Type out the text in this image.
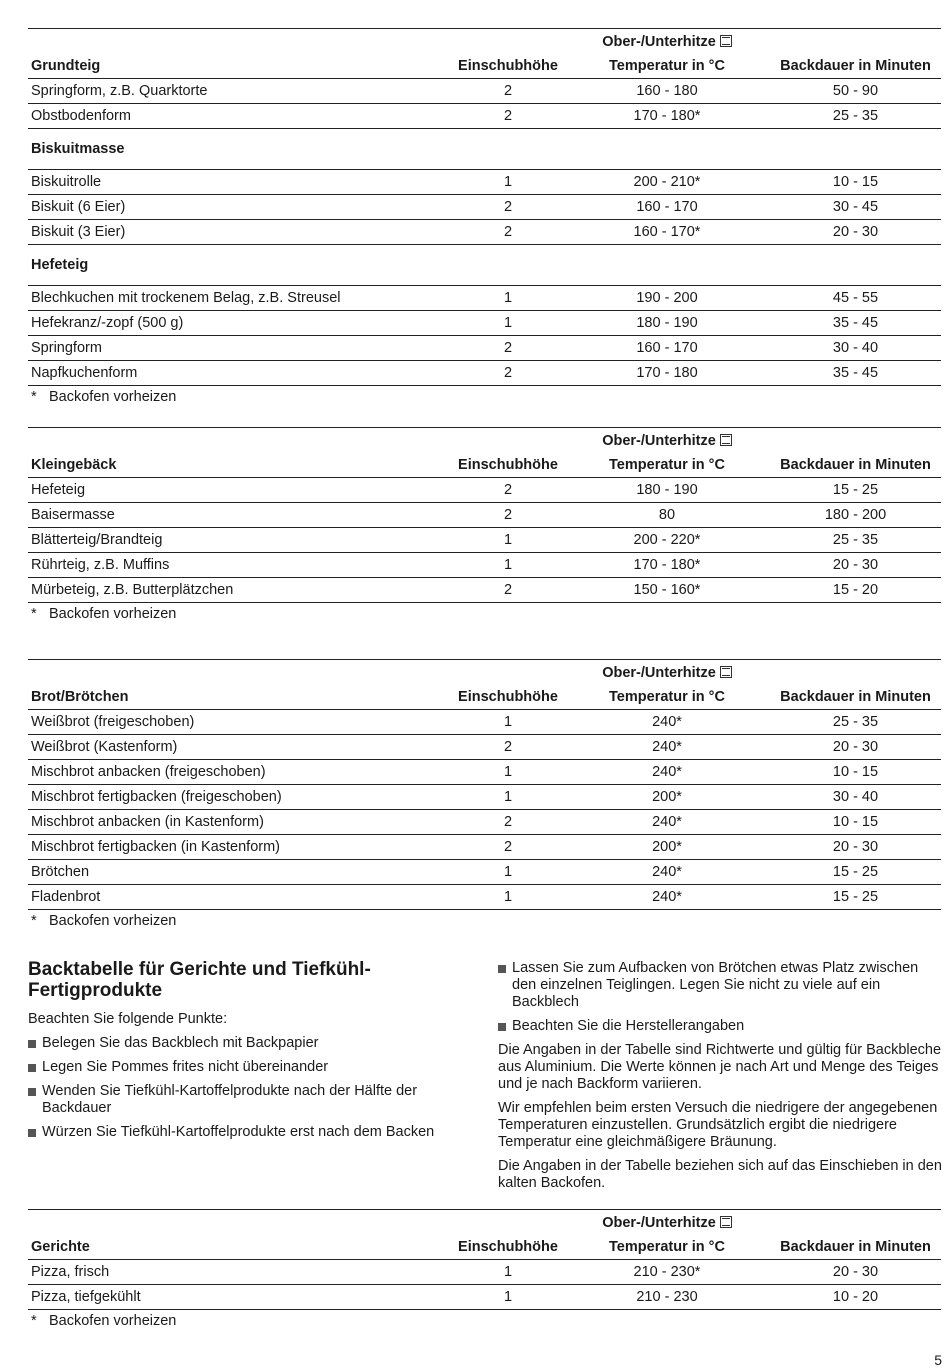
		Ober-/Unterhitze	
Grundteig	Einschubhöhe	Temperatur in °C	Backdauer in Minuten
Springform, z.B. Quarktorte	2	160 - 180	50 - 90
Obstbodenform	2	170 - 180*	25 - 35
Biskuitmasse			
Biskuitrolle	1	200 - 210*	10 - 15
Biskuit (6 Eier)	2	160 - 170	30 - 45
Biskuit (3 Eier)	2	160 - 170*	20 - 30
Hefeteig			
Blechkuchen mit trockenem Belag, z.B. Streusel	1	190 - 200	45 - 55
Hefekranz/-zopf (500 g)	1	180 - 190	35 - 45
Springform	2	160 - 170	30 - 40
Napfkuchenform	2	170 - 180	35 - 45
* Backofen vorheizen
		Ober-/Unterhitze	
Kleingebäck	Einschubhöhe	Temperatur in °C	Backdauer in Minuten
Hefeteig	2	180 - 190	15 - 25
Baisermasse	2	80	180 - 200
Blätterteig/Brandteig	1	200 - 220*	25 - 35
Rührteig, z.B. Muffins	1	170 - 180*	20 - 30
Mürbeteig, z.B. Butterplätzchen	2	150 - 160*	15 - 20
* Backofen vorheizen
		Ober-/Unterhitze	
Brot/Brötchen	Einschubhöhe	Temperatur in °C	Backdauer in Minuten
Weißbrot (freigeschoben)	1	240*	25 - 35
Weißbrot (Kastenform)	2	240*	20 - 30
Mischbrot anbacken (freigeschoben)	1	240*	10 - 15
Mischbrot fertigbacken (freigeschoben)	1	200*	30 - 40
Mischbrot anbacken (in Kastenform)	2	240*	10 - 15
Mischbrot fertigbacken (in Kastenform)	2	200*	20 - 30
Brötchen	1	240*	15 - 25
Fladenbrot	1	240*	15 - 25
* Backofen vorheizen
Backtabelle für Gerichte und Tiefkühl-Fertigprodukte
Beachten Sie folgende Punkte:
Belegen Sie das Backblech mit Backpapier
Legen Sie Pommes frites nicht übereinander
Wenden Sie Tiefkühl-Kartoffelprodukte nach der Hälfte der Backdauer
Würzen Sie Tiefkühl-Kartoffelprodukte erst nach dem Backen
Lassen Sie zum Aufbacken von Brötchen etwas Platz zwischen den einzelnen Teiglingen. Legen Sie nicht zu viele auf ein Backblech
Beachten Sie die Herstellerangaben
Die Angaben in der Tabelle sind Richtwerte und gültig für Backbleche aus Aluminium. Die Werte können je nach Art und Menge des Teiges und je nach Backform variieren.
Wir empfehlen beim ersten Versuch die niedrigere der angegebenen Temperaturen einzustellen. Grundsätzlich ergibt die niedrigere Temperatur eine gleichmäßigere Bräunung.
Die Angaben in der Tabelle beziehen sich auf das Einschieben in den kalten Backofen.
		Ober-/Unterhitze	
Gerichte	Einschubhöhe	Temperatur in °C	Backdauer in Minuten
Pizza, frisch	1	210 - 230*	20 - 30
Pizza, tiefgekühlt	1	210 - 230	10 - 20
* Backofen vorheizen
5
